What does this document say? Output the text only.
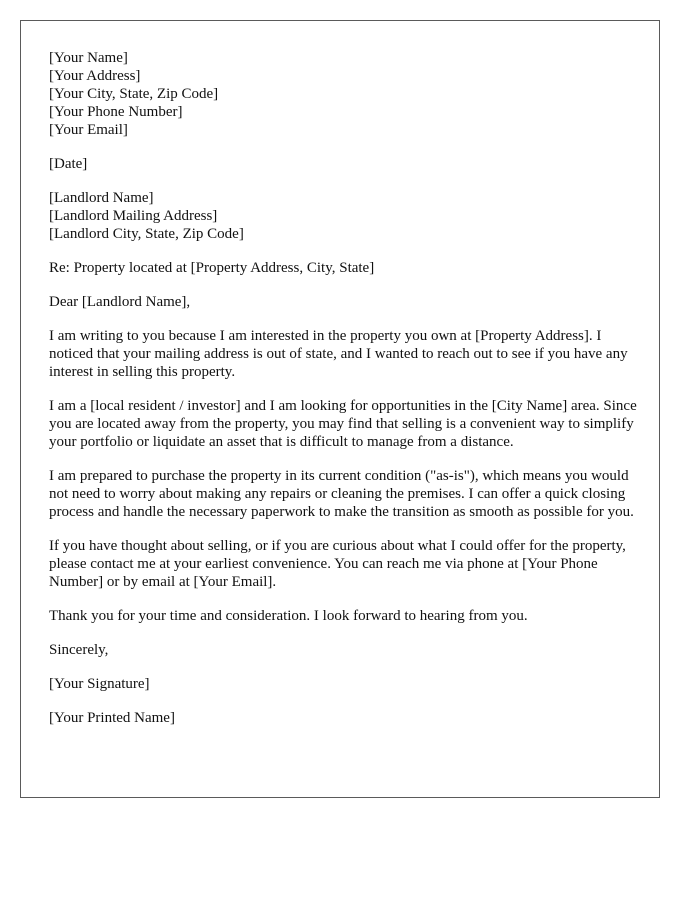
[Your Name]
[Your Address]
[Your City, State, Zip Code]
[Your Phone Number]
[Your Email]
[Date]
[Landlord Name]
[Landlord Mailing Address]
[Landlord City, State, Zip Code]
Re: Property located at [Property Address, City, State]
Dear [Landlord Name],

I am writing to you because I am interested in the property you own at [Property Address]. I noticed that your mailing address is out of state, and I wanted to reach out to see if you have any interest in selling this property.

I am a [local resident / investor] and I am looking for opportunities in the [City Name] area. Since you are located away from the property, you may find that selling is a convenient way to simplify your portfolio or liquidate an asset that is difficult to manage from a distance.

I am prepared to purchase the property in its current condition ("as-is"), which means you would not need to worry about making any repairs or cleaning the premises. I can offer a quick closing process and handle the necessary paperwork to make the transition as smooth as possible for you.

If you have thought about selling, or if you are curious about what I could offer for the property, please contact me at your earliest convenience. You can reach me via phone at [Your Phone Number] or by email at [Your Email].

Thank you for your time and consideration. I look forward to hearing from you.

Sincerely,
[Your Signature]
[Your Printed Name]
